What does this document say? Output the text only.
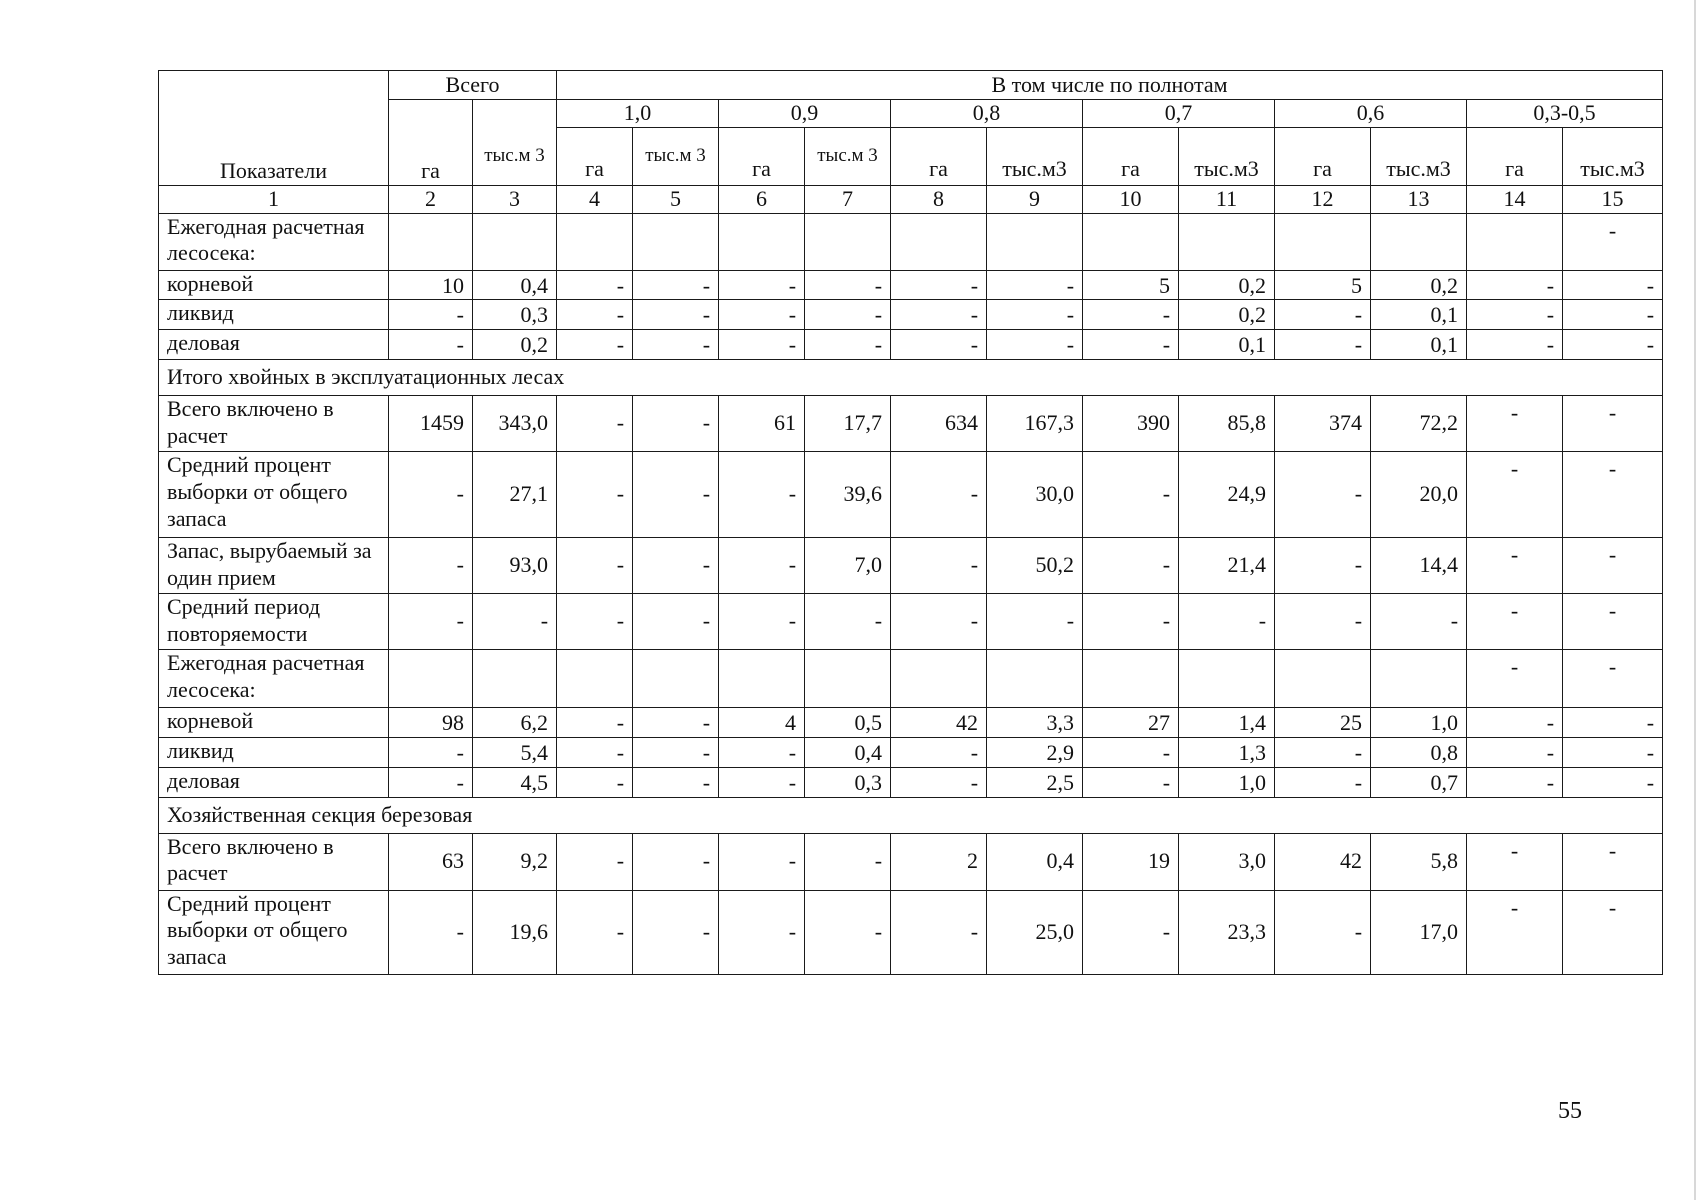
Показатели	Всего		В том числе по полнотам											
	га	тыс.м 3	1,0		0,9		0,8		0,7		0,6		0,3-0,5	
			га	тыс.м 3	га	тыс.м 3	га	тыс.м3	га	тыс.м3	га	тыс.м3	га	тыс.м3
1	2	3	4	5	6	7	8	9	10	11	12	13	14	15
Ежегодная расчетная лесосека:														-
корневой	10	0,4	-	-	-	-	-	-	5	0,2	5	0,2	-	-
ликвид	-	0,3	-	-	-	-	-	-	-	0,2	-	0,1	-	-
деловая	-	0,2	-	-	-	-	-	-	-	0,1	-	0,1	-	-
Итого хвойных в эксплуатационных лесах														
Всего включено в расчет	1459	343,0	-	-	61	17,7	634	167,3	390	85,8	374	72,2	-	-
Средний процент выборки от общего запаса	-	27,1	-	-	-	39,6	-	30,0	-	24,9	-	20,0	-	-
Запас, вырубаемый за один прием	-	93,0	-	-	-	7,0	-	50,2	-	21,4	-	14,4	-	-
Средний период повторяемости	-	-	-	-	-	-	-	-	-	-	-	-	-	-
Ежегодная расчетная лесосека:													-	-
корневой	98	6,2	-	-	4	0,5	42	3,3	27	1,4	25	1,0	-	-
ликвид	-	5,4	-	-	-	0,4	-	2,9	-	1,3	-	0,8	-	-
деловая	-	4,5	-	-	-	0,3	-	2,5	-	1,0	-	0,7	-	-
Хозяйственная секция березовая														
Всего включено в расчет	63	9,2	-	-	-	-	2	0,4	19	3,0	42	5,8	-	-
Средний процент выборки от общего запаса	-	19,6	-	-	-	-	-	25,0	-	23,3	-	17,0	-	-
55
